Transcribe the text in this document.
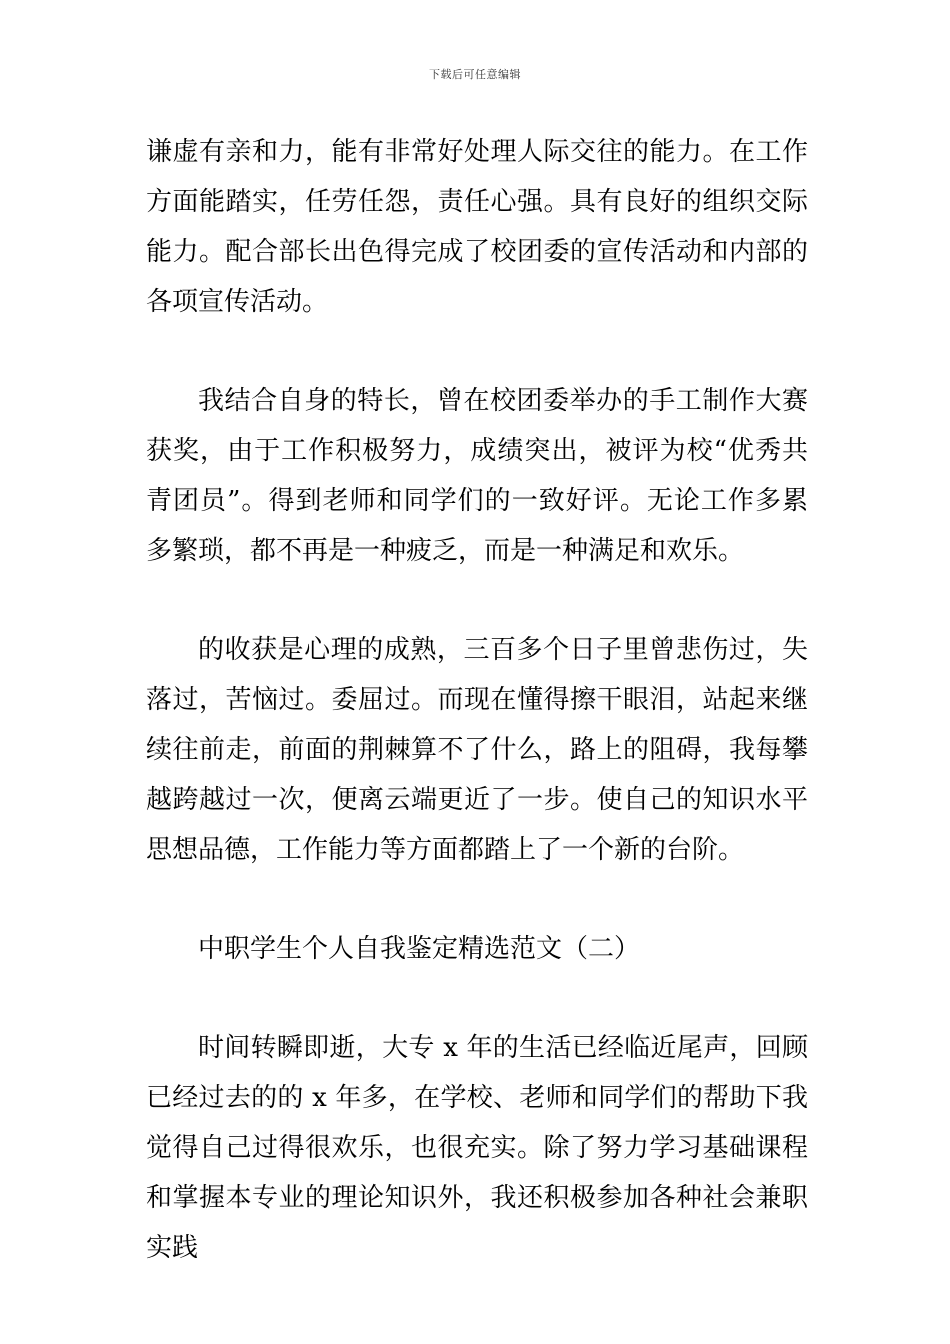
下载后可任意编辑

谦虚有亲和力，能有非常好处理人际交往的能力。在工作方面能踏实，任劳任怨，责任心强。具有良好的组织交际能力。配合部长出色得完成了校团委的宣传活动和内部的各项宣传活动。

我结合自身的特长，曾在校团委举办的手工制作大赛获奖，由于工作积极努力，成绩突出，被评为校“优秀共青团员”。得到老师和同学们的一致好评。无论工作多累多繁琐，都不再是一种疲乏，而是一种满足和欢乐。

的收获是心理的成熟，三百多个日子里曾悲伤过，失落过，苦恼过。委屈过。而现在懂得擦干眼泪，站起来继续往前走，前面的荆棘算不了什么，路上的阻碍，我每攀越跨越过一次，便离云端更近了一步。使自己的知识水平思想品德，工作能力等方面都踏上了一个新的台阶。

中职学生个人自我鉴定精选范文（二）

时间转瞬即逝，大专 x 年的生活已经临近尾声，回顾已经过去的的 x 年多，在学校、老师和同学们的帮助下我觉得自己过得很欢乐，也很充实。除了努力学习基础课程和掌握本专业的理论知识外，我还积极参加各种社会兼职实践
